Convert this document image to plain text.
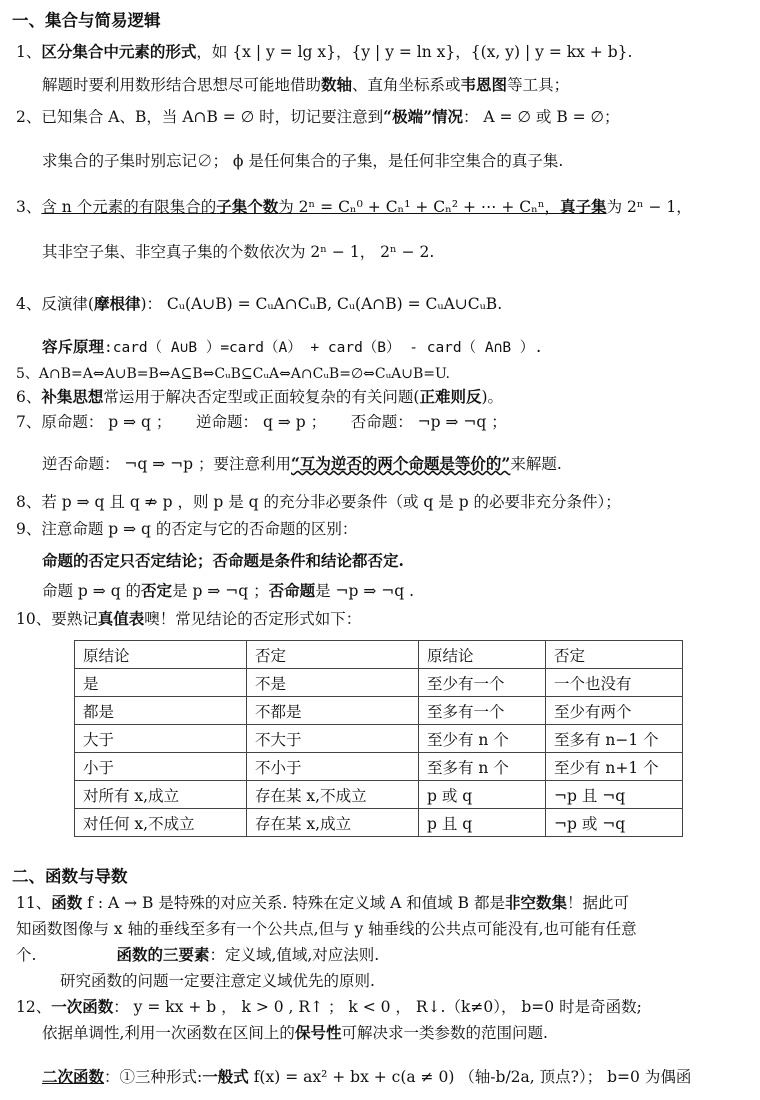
一、集合与简易逻辑
1、区分集合中元素的形式，如 {x | y = lg x}，{y | y = ln x}，{(x, y) | y = kx + b}.
解题时要利用数形结合思想尽可能地借助数轴、直角坐标系或韦恩图等工具；
2、已知集合 A、B，当 A∩B = ∅ 时，切记要注意到“极端”情况： A = ∅ 或 B = ∅；
求集合的子集时别忘记∅； ϕ 是任何集合的子集，是任何非空集合的真子集.
3、含 n 个元素的有限集合的子集个数为 2ⁿ = Cₙ⁰ + Cₙ¹ + Cₙ² + ⋯ + Cₙⁿ，真子集为 2ⁿ − 1，
其非空子集、非空真子集的个数依次为 2ⁿ − 1， 2ⁿ − 2.
4、反演律(摩根律)： Cᵤ(A∪B) = CᵤA∩CᵤB, Cᵤ(A∩B) = CᵤA∪CᵤB.
容斥原理:card（ A∪B ）=card（A） + card（B） - card（ A∩B ）.
5、A∩B=A⇔A∪B=B⇔A⊆B⇔CᵤB⊆CᵤA⇔A∩CᵤB=∅⇔CᵤA∪B=U.
6、补集思想常运用于解决否定型或正面较复杂的有关问题(正难则反)。
7、原命题： p ⇒ q ；     逆命题： q ⇒ p ；     否命题： ¬p ⇒ ¬q ；
逆否命题： ¬q ⇒ ¬p ；要注意利用“互为逆否的两个命题是等价的”来解题.
8、若 p ⇒ q 且 q ⇏ p ，则 p 是 q 的充分非必要条件（或 q 是 p 的必要非充分条件）；
9、注意命题 p ⇒ q 的否定与它的否命题的区别：
命题的否定只否定结论；否命题是条件和结论都否定.
命题 p ⇒ q 的否定是 p ⇒ ¬q ；否命题是 ¬p ⇒ ¬q .
10、要熟记真值表噢！常见结论的否定形式如下：
原结论	否定	原结论	否定
是	不是	至少有一个	一个也没有
都是	不都是	至多有一个	至少有两个
大于	不大于	至少有 n 个	至多有 n−1 个
小于	不小于	至多有 n 个	至少有 n+1 个
对所有 x,成立	存在某 x,不成立	p 或 q	¬p 且 ¬q
对任何 x,不成立	存在某 x,成立	p 且 q	¬p 或 ¬q
二、函数与导数
11、函数 f : A → B 是特殊的对应关系. 特殊在定义域 A 和值域 B 都是非空数集！据此可
知函数图像与 x 轴的垂线至多有一个公共点,但与 y 轴垂线的公共点可能没有,也可能有任意
个.	函数的三要素：定义域,值域,对应法则.
研究函数的问题一定要注意定义域优先的原则.
12、一次函数： y = kx + b ， k > 0 , R↑ ； k < 0 ， R↓.（k≠0）， b=0 时是奇函数;
依据单调性,利用一次函数在区间上的保号性可解决求一类参数的范围问题.
二次函数：①三种形式:一般式 f(x) = ax² + bx + c(a ≠ 0) （轴-b/2a, 顶点?）； b=0 为偶函
